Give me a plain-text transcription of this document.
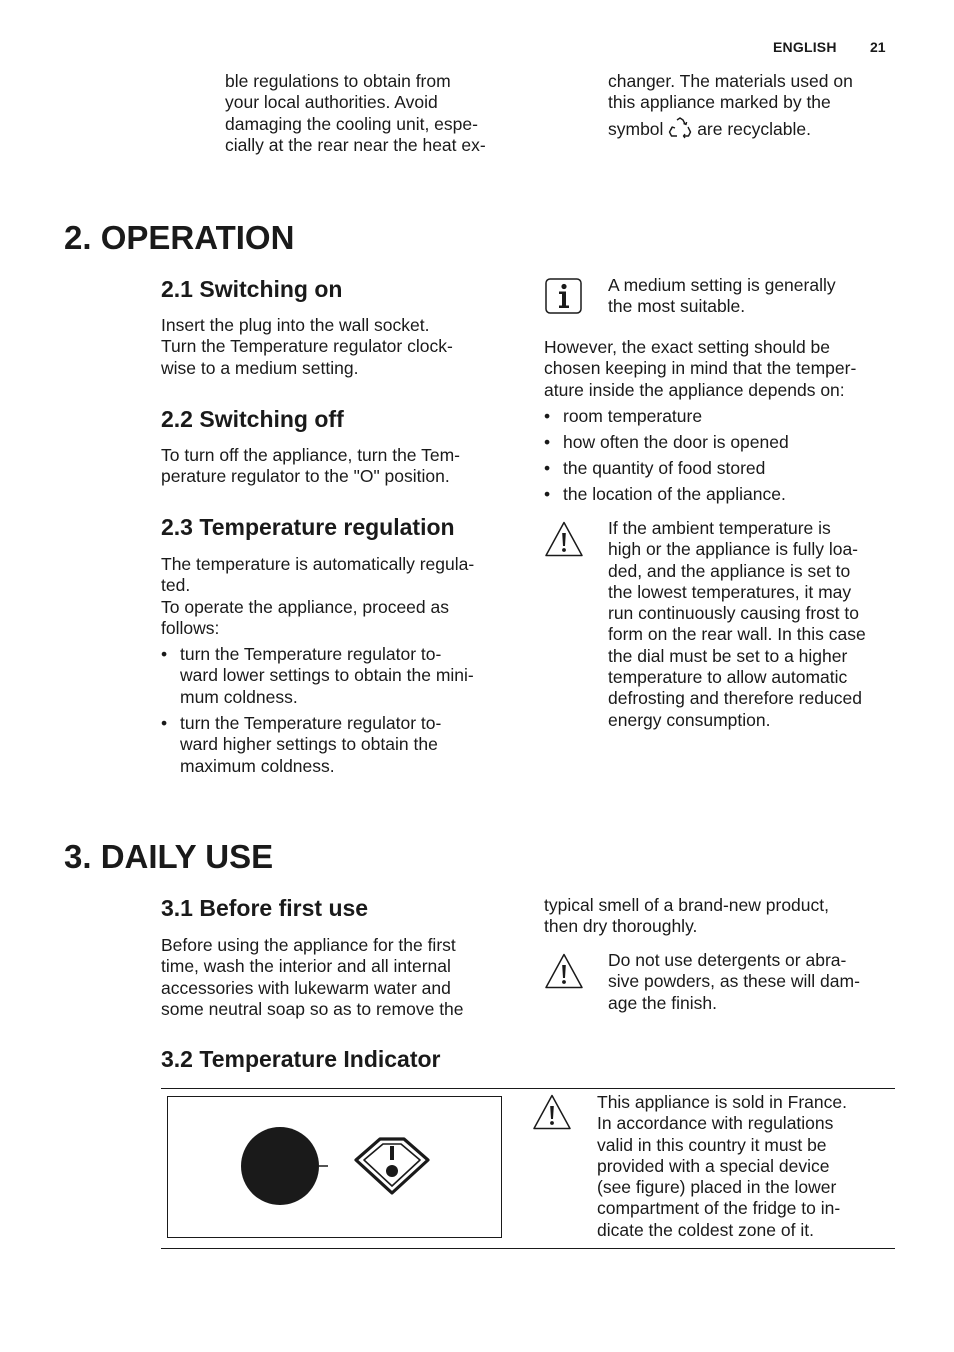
ENGLISH 21

ble regulations to obtain from

your local authorities. Avoid

damaging the cooling unit, espe-

cially at the rear near the heat ex-

changer. The materials used on

this appliance marked by the

symbol are recyclable.

2. OPERATION
2.1 Switching on

Insert the plug into the wall socket.

Turn the Temperature regulator clock-

wise to a medium setting.

2.2 Switching off

To turn off the appliance, turn the Tem-

perature regulator to the "O" position.

2.3 Temperature regulation

The temperature is automatically regula-

ted.

To operate the appliance, proceed as

follows:

• turn the Temperature regulator to-
ward lower settings to obtain the mini-
mum coldness.
• turn the Temperature regulator to-
ward higher settings to obtain the
maximum coldness.

A medium setting is generally

the most suitable.

However, the exact setting should be

chosen keeping in mind that the temper-

ature inside the appliance depends on:

• room temperature
• how often the door is opened
• the quantity of food stored
• the location of the appliance.

If the ambient temperature is

high or the appliance is fully loa-

ded, and the appliance is set to

the lowest temperatures, it may

run continuously causing frost to

form on the rear wall. In this case

the dial must be set to a higher

temperature to allow automatic

defrosting and therefore reduced

energy consumption.

3. DAILY USE
3.1 Before first use

Before using the appliance for the first

time, wash the interior and all internal

accessories with lukewarm water and

some neutral soap so as to remove the

typical smell of a brand-new product,

then dry thoroughly.

Do not use detergents or abra-

sive powders, as these will dam-

age the finish.

3.2 Temperature Indicator

This appliance is sold in France.

In accordance with regulations

valid in this country it must be

provided with a special device

(see figure) placed in the lower

compartment of the fridge to in-

dicate the coldest zone of it.
